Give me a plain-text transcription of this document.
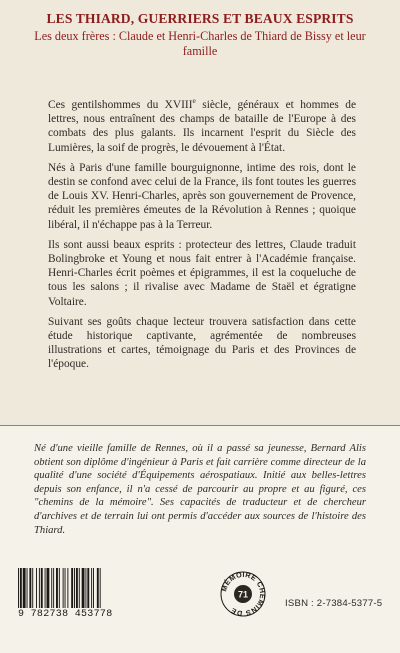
LES THIARD, GUERRIERS ET BEAUX ESPRITS
Les deux frères : Claude et Henri-Charles de Thiard de Bissy et leur famille

Ces gentilshommes du XVIIIe siècle, généraux et hommes de lettres, nous entraînent des champs de bataille de l'Europe à des combats des plus galants. Ils incarnent l'esprit du Siècle des Lumières, la soif de progrès, le dévouement à l'État.

Nés à Paris d'une famille bourguignonne, intime des rois, dont le destin se confond avec celui de la France, ils font toutes les guerres de Louis XV. Henri-Charles, après son gouvernement de Provence, réduit les premières émeutes de la Révolution à Rennes ; quoique libéral, il n'échappe pas à la Terreur.

Ils sont aussi beaux esprits : protecteur des lettres, Claude traduit Bolingbroke et Young et nous fait entrer à l'Académie française. Henri-Charles écrit poèmes et épigrammes, il est la coqueluche de tous les salons ; il rivalise avec Madame de Staël et égratigne Voltaire.

Suivant ses goûts chaque lecteur trouvera satisfaction dans cette étude historique captivante, agrémentée de nombreuses illustrations et cartes, témoignage du Paris et des Provinces de l'époque.

Né d'une vieille famille de Rennes, où il a passé sa jeunesse, Bernard Alis obtient son diplôme d'ingénieur à Paris et fait carrière comme directeur de la qualité d'une société d'Équipements aérospatiaux. Initié aux belles-lettres depuis son enfance, il n'a cessé de parcourir au propre et au figuré, ces "chemins de la mémoire". Ses capacités de traducteur et de chercheur d'archives et de terrain lui ont permis d'accéder aux sources de l'histoire des Thiard.

9 782738 453778
MÉMOIRE CHEMINS DE
71
ISBN : 2-7384-5377-5
